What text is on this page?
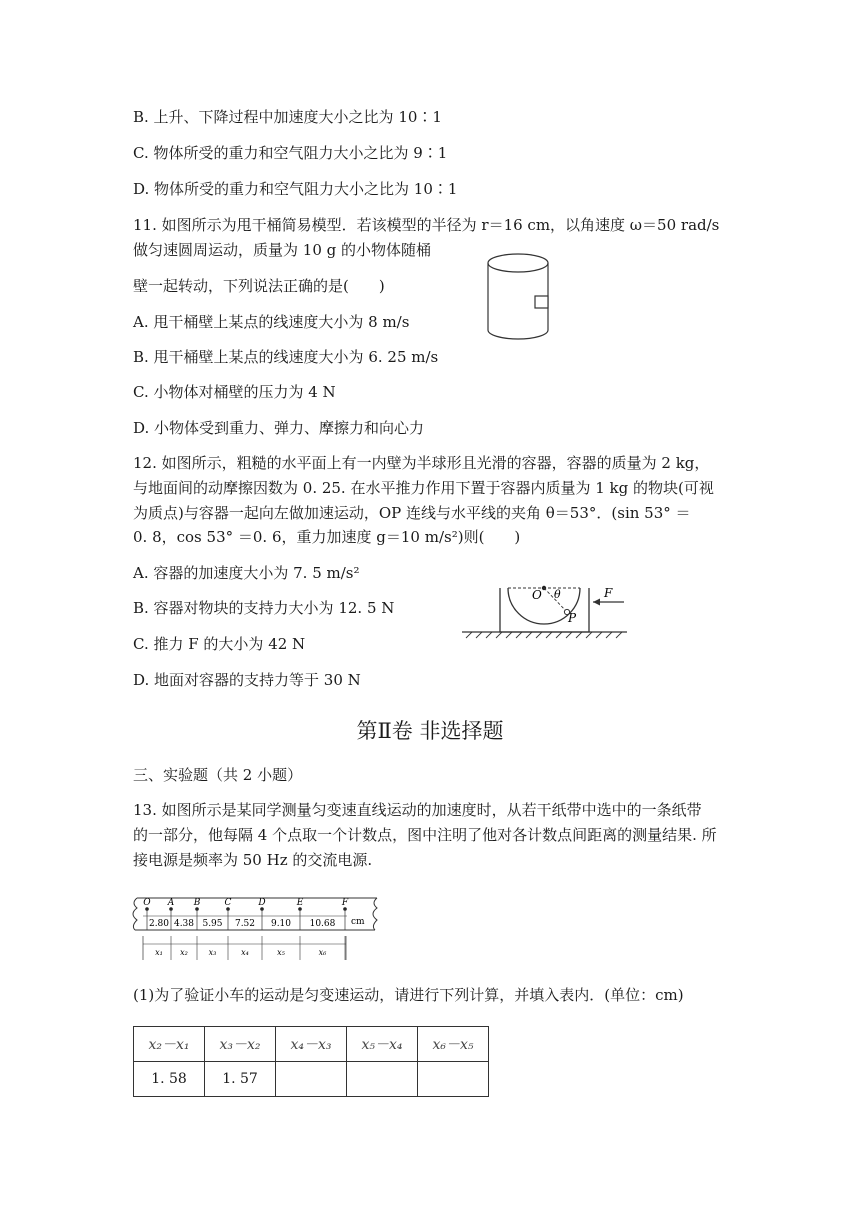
B. 上升、下降过程中加速度大小之比为 10∶1
C. 物体所受的重力和空气阻力大小之比为 9∶1
D. 物体所受的重力和空气阻力大小之比为 10∶1
11. 如图所示为甩干桶简易模型．若该模型的半径为 r＝16 cm，以角速度 ω＝50 rad/s
做匀速圆周运动，质量为 10 g 的小物体随桶
壁一起转动，下列说法正确的是(　　)
A. 甩干桶壁上某点的线速度大小为 8 m/s
B. 甩干桶壁上某点的线速度大小为 6. 25 m/s
C. 小物体对桶壁的压力为 4 N
D. 小物体受到重力、弹力、摩擦力和向心力
12. 如图所示，粗糙的水平面上有一内壁为半球形且光滑的容器，容器的质量为 2 kg，
与地面间的动摩擦因数为 0. 25. 在水平推力作用下置于容器内质量为 1 kg 的物块(可视
为质点)与容器一起向左做加速运动，OP 连线与水平线的夹角 θ＝53°．(sin 53° ＝
0. 8，cos 53° ＝0. 6，重力加速度 g＝10 m/s²)则(　　)
A. 容器的加速度大小为 7. 5 m/s²
B. 容器对物块的支持力大小为 12. 5 N
C. 推力 F 的大小为 42 N
D. 地面对容器的支持力等于 30 N
O θ
P
F
第Ⅱ卷 非选择题
三、实验题（共 2 小题）
13. 如图所示是某同学测量匀变速直线运动的加速度时，从若干纸带中选中的一条纸带
的一部分，他每隔 4 个点取一个计数点，图中注明了他对各计数点间距离的测量结果. 所
接电源是频率为 50 Hz 的交流电源.
O A B	C	D	E	F
2.80
x₁
4.38
x₂
5.95
x₃
7.52
x₄
9.10
x₅
10.68
x₆
cm
(1)为了验证小车的运动是匀变速运动，请进行下列计算，并填入表内．(单位：cm)
x₂－x₁	x₃－x₂	x₄－x₃	x₅－x₄	x₆－x₅
1. 58	1. 57			
